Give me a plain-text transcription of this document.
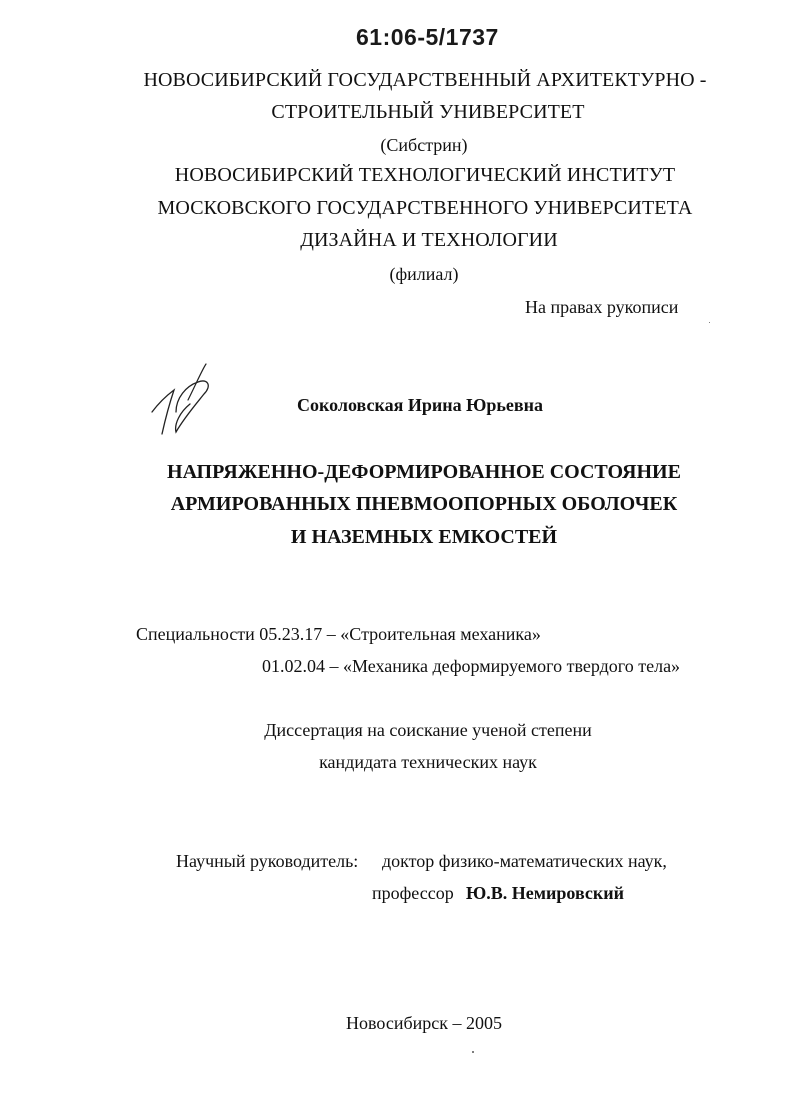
61:06-5/1737
НОВОСИБИРСКИЙ ГОСУДАРСТВЕННЫЙ АРХИТЕКТУРНО -
СТРОИТЕЛЬНЫЙ УНИВЕРСИТЕТ
(Сибстрин)
НОВОСИБИРСКИЙ ТЕХНОЛОГИЧЕСКИЙ ИНСТИТУТ
МОСКОВСКОГО ГОСУДАРСТВЕННОГО УНИВЕРСИТЕТА
ДИЗАЙНА И ТЕХНОЛОГИИ
(филиал)
На правах рукописи
Соколовская Ирина Юрьевна
НАПРЯЖЕННО-ДЕФОРМИРОВАННОЕ СОСТОЯНИЕ
АРМИРОВАННЫХ ПНЕВМООПОРНЫХ ОБОЛОЧЕК
И НАЗЕМНЫХ ЕМКОСТЕЙ
Специальности 05.23.17 – «Строительная механика»
01.02.04 – «Механика деформируемого твердого тела»
Диссертация на соискание ученой степени
кандидата технических наук
Научный руководитель: доктор физико-математических наук,
профессор Ю.В. Немировский
Новосибирск – 2005
